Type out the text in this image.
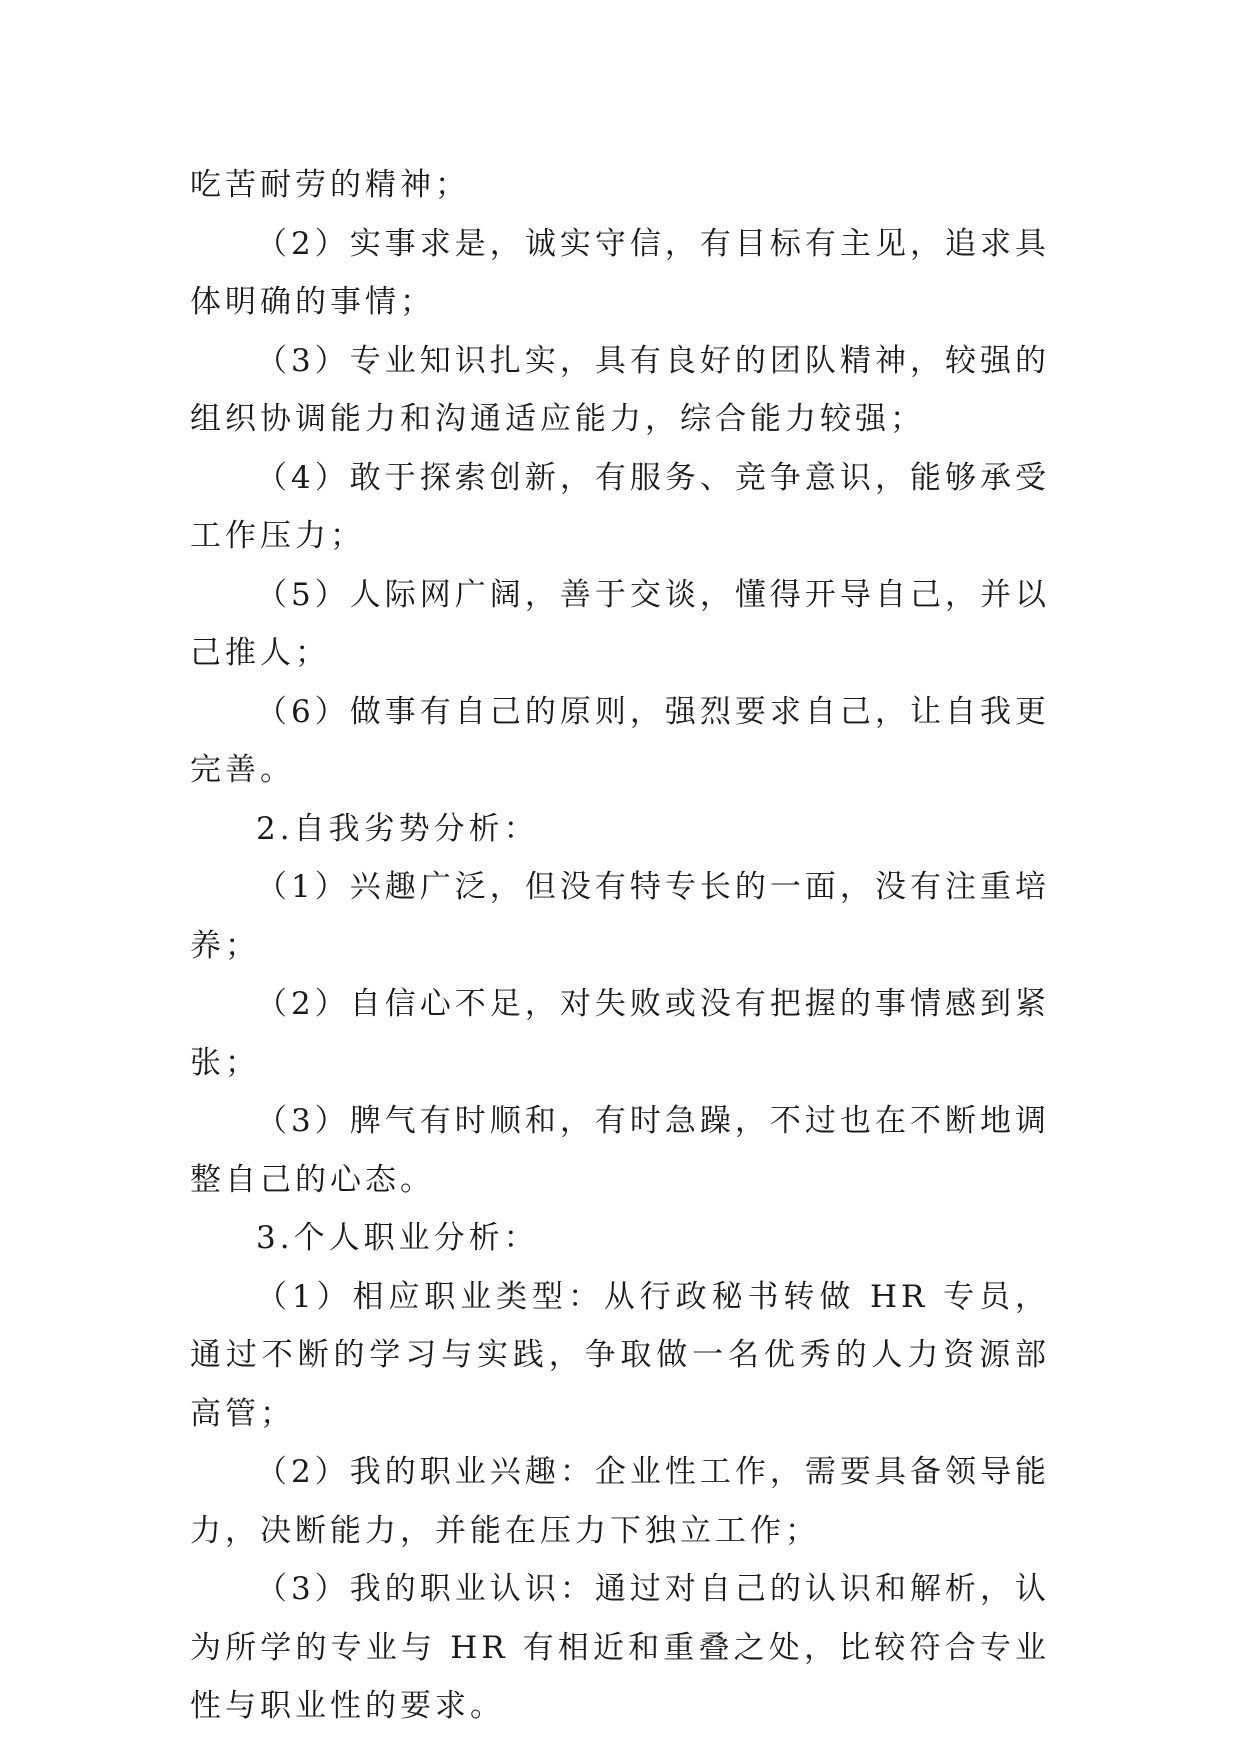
吃苦耐劳的精神；

（2）实事求是，诚实守信，有目标有主见，追求具体明确的事情；

（3）专业知识扎实，具有良好的团队精神，较强的组织协调能力和沟通适应能力，综合能力较强；

（4）敢于探索创新，有服务、竞争意识，能够承受工作压力；

（5）人际网广阔，善于交谈，懂得开导自己，并以己推人；

（6）做事有自己的原则，强烈要求自己，让自我更完善。

2.自我劣势分析：

（1）兴趣广泛，但没有特专长的一面，没有注重培养；

（2）自信心不足，对失败或没有把握的事情感到紧张；

（3）脾气有时顺和，有时急躁，不过也在不断地调整自己的心态。

3.个人职业分析：

（1）相应职业类型：从行政秘书转做 HR 专员，通过不断的学习与实践，争取做一名优秀的人力资源部高管；

（2）我的职业兴趣：企业性工作，需要具备领导能力，决断能力，并能在压力下独立工作；

（3）我的职业认识：通过对自己的认识和解析，认为所学的专业与 HR 有相近和重叠之处，比较符合专业性与职业性的要求。
